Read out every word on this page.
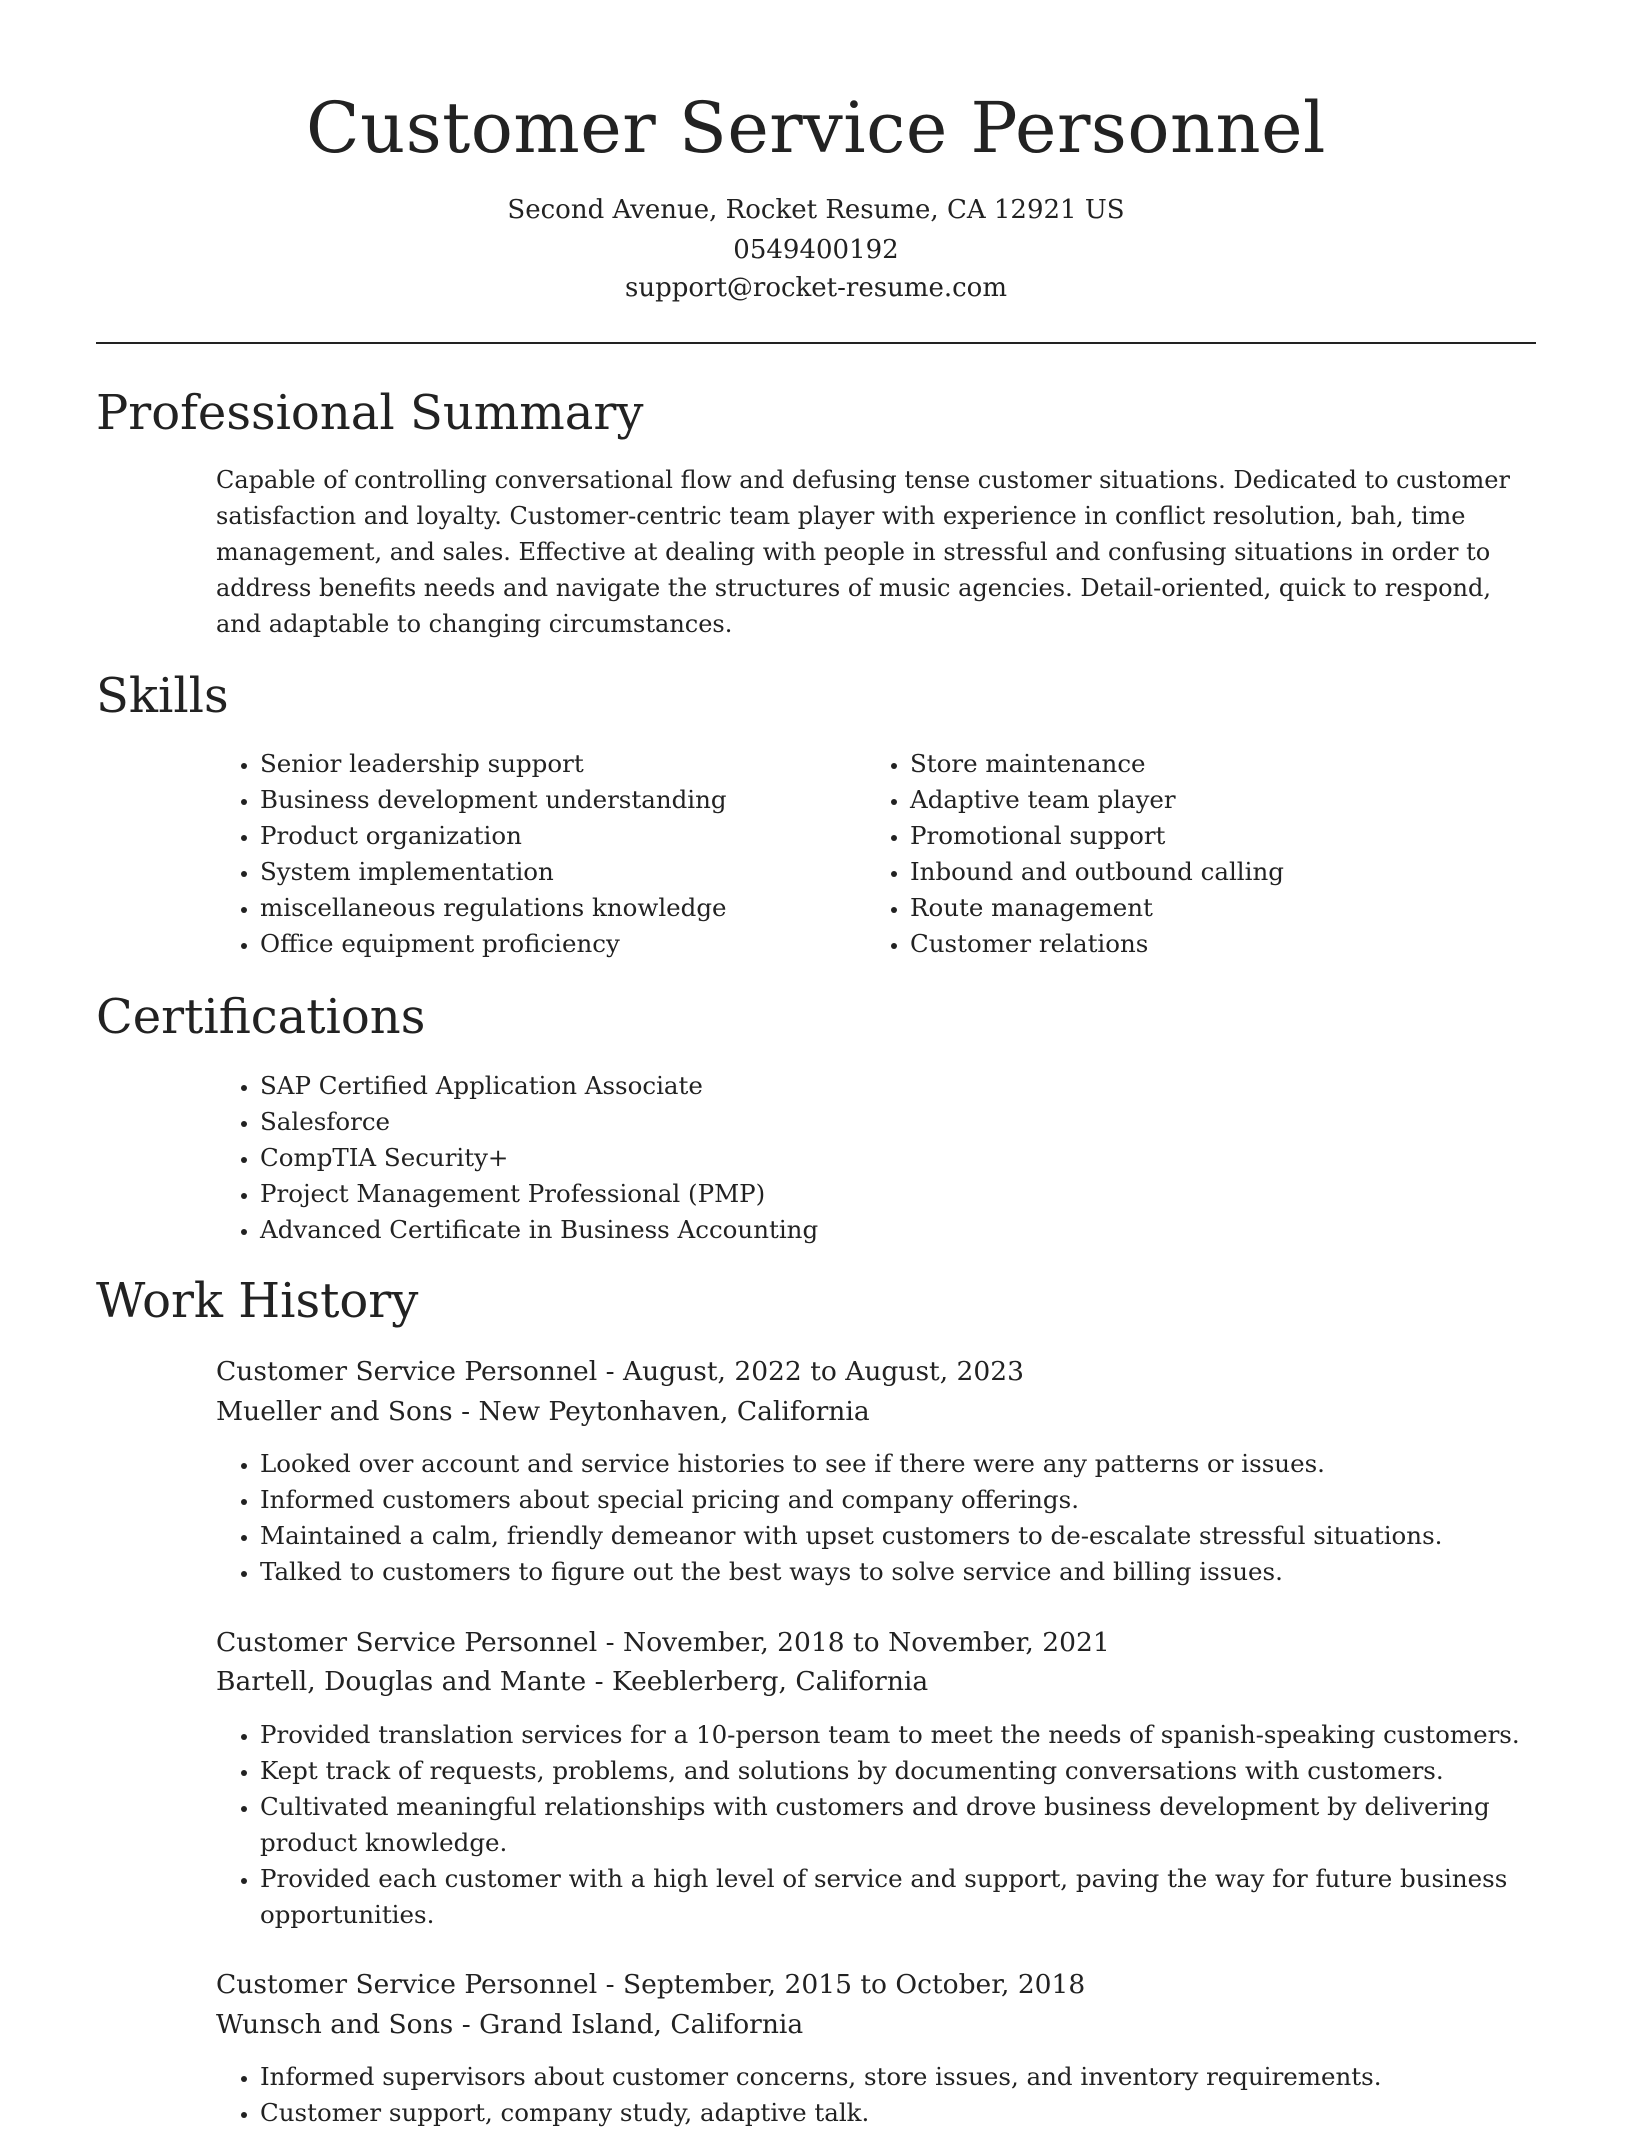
Customer Service Personnel
Second Avenue, Rocket Resume, CA 12921 US
0549400192
support@rocket-resume.com
Professional Summary

Capable of controlling conversational flow and defusing tense customer situations. Dedicated to customer satisfaction and loyalty. Customer-centric team player with experience in conflict resolution, bah, time management, and sales. Effective at dealing with people in stressful and confusing situations in order to address benefits needs and navigate the structures of music agencies. Detail-oriented, quick to respond, and adaptable to changing circumstances.

Skills
• Senior leadership support
• Business development understanding
• Product organization
• System implementation
• miscellaneous regulations knowledge
• Office equipment proficiency
• Store maintenance
• Adaptive team player
• Promotional support
• Inbound and outbound calling
• Route management
• Customer relations
Certifications
• SAP Certified Application Associate
• Salesforce
• CompTIA Security+
• Project Management Professional (PMP)
• Advanced Certificate in Business Accounting
Work History
Customer Service Personnel - August, 2022 to August, 2023
Mueller and Sons - New Peytonhaven, California
• Looked over account and service histories to see if there were any patterns or issues.
• Informed customers about special pricing and company offerings.
• Maintained a calm, friendly demeanor with upset customers to de-escalate stressful situations.
• Talked to customers to figure out the best ways to solve service and billing issues.
Customer Service Personnel - November, 2018 to November, 2021
Bartell, Douglas and Mante - Keeblerberg, California
• Provided translation services for a 10-person team to meet the needs of spanish-speaking customers.
• Kept track of requests, problems, and solutions by documenting conversations with customers.
• Cultivated meaningful relationships with customers and drove business development by delivering product knowledge.
• Provided each customer with a high level of service and support, paving the way for future business opportunities.
Customer Service Personnel - September, 2015 to October, 2018
Wunsch and Sons - Grand Island, California
• Informed supervisors about customer concerns, store issues, and inventory requirements.
• Customer support, company study, adaptive talk.
